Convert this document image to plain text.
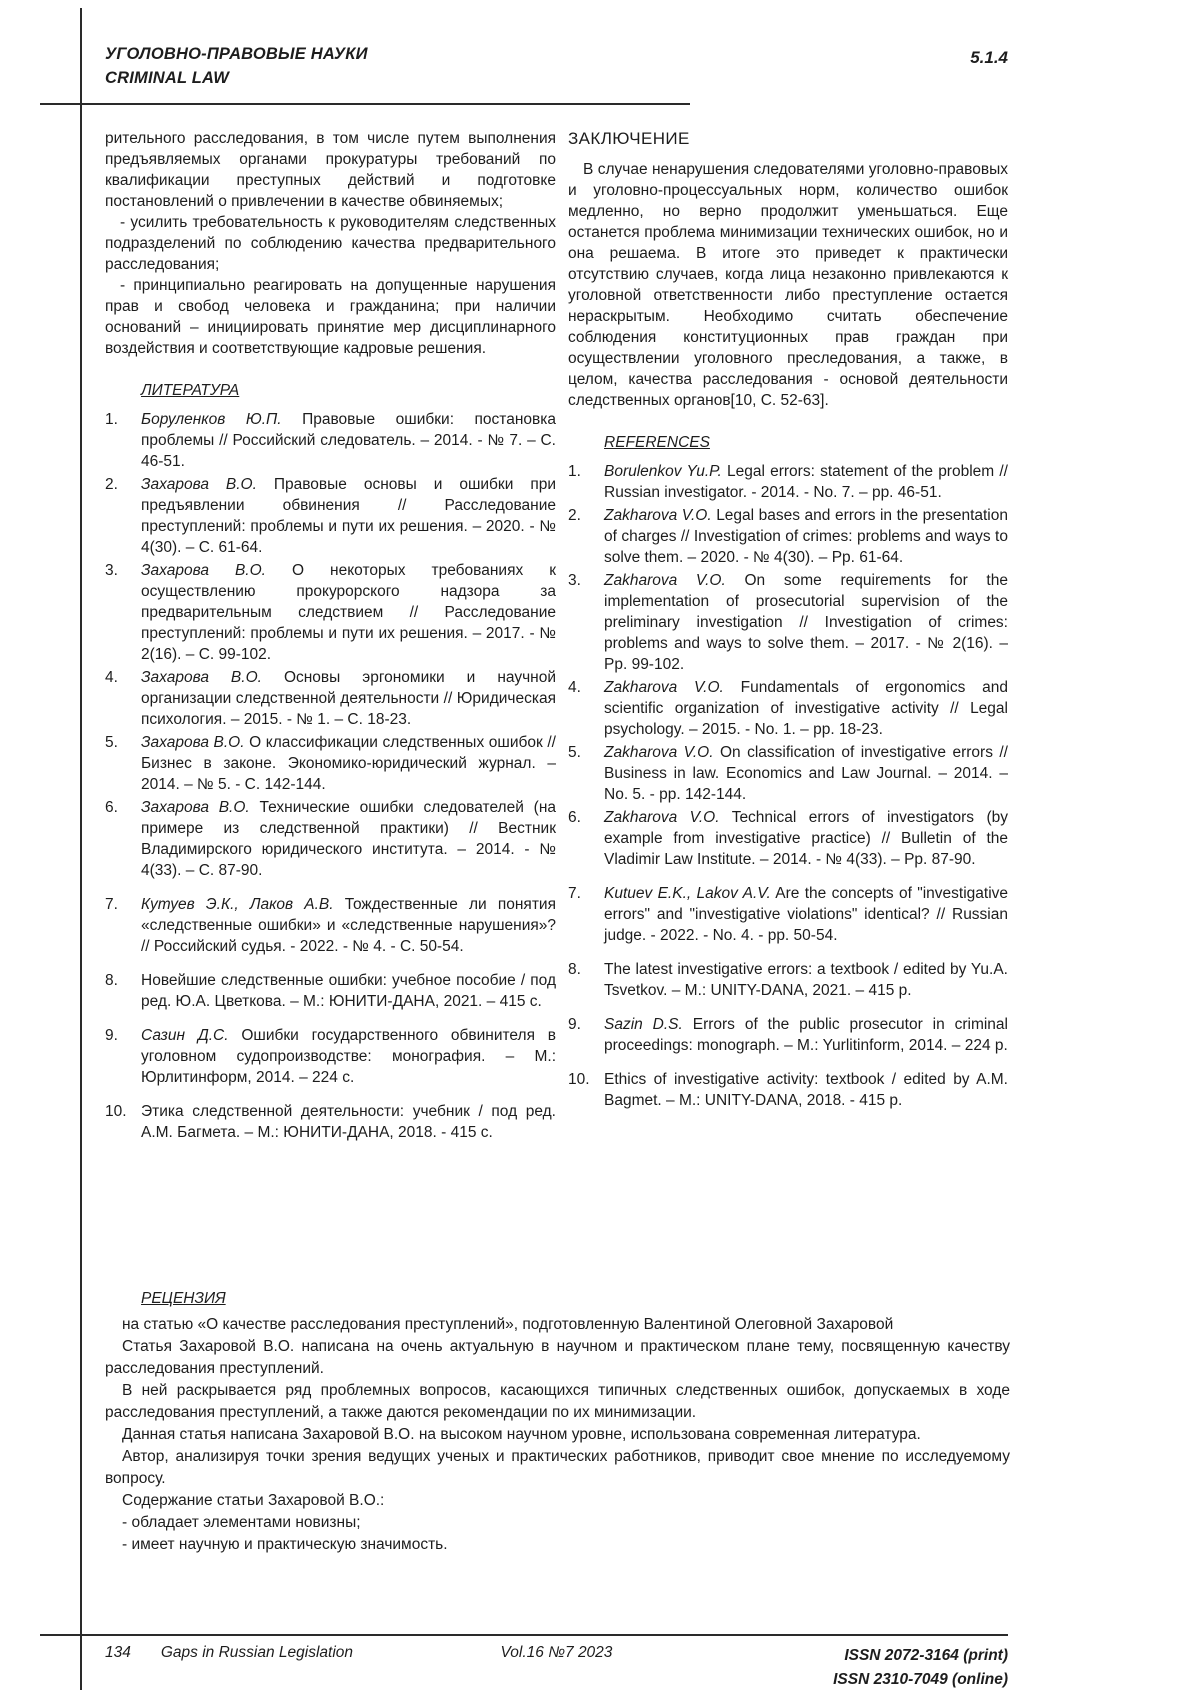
УГОЛОВНО-ПРАВОВЫЕ НАУКИ
CRIMINAL LAW
5.1.4

рительного расследования, в том числе путем выполнения предъявляемых органами прокуратуры требований по квалификации преступных действий и подготовке постановлений о привлечении в качестве обвиняемых;

- усилить требовательность к руководителям следственных подразделений по соблюдению качества предварительного расследования;

- принципиально реагировать на допущенные нарушения прав и свобод человека и гражданина; при наличии оснований – инициировать принятие мер дисциплинарного воздействия и соответствующие кадровые решения.

ЛИТЕРАТУРА
1. Боруленков Ю.П. Правовые ошибки: постановка проблемы // Российский следователь. – 2014. - № 7. – С. 46-51.
2. Захарова В.О. Правовые основы и ошибки при предъявлении обвинения // Расследование преступлений: проблемы и пути их решения. – 2020. - № 4(30). – С. 61-64.
3. Захарова В.О. О некоторых требованиях к осуществлению прокурорского надзора за предварительным следствием // Расследование преступлений: проблемы и пути их решения. – 2017. - № 2(16). – С. 99-102.
4. Захарова В.О. Основы эргономики и научной организации следственной деятельности // Юридическая психология. – 2015. - № 1. – С. 18-23.
5. Захарова В.О. О классификации следственных ошибок // Бизнес в законе. Экономико-юридический журнал. – 2014. – № 5. - С. 142-144.
6. Захарова В.О. Технические ошибки следователей (на примере из следственной практики) // Вестник Владимирского юридического института. – 2014. - № 4(33). – С. 87-90.
7. Кутуев Э.К., Лаков А.В. Тождественные ли понятия «следственные ошибки» и «следственные нарушения»? // Российский судья. - 2022. - № 4. - С. 50-54.
8. Новейшие следственные ошибки: учебное пособие / под ред. Ю.А. Цветкова. – М.: ЮНИТИ-ДАНА, 2021. – 415 с.
9. Сазин Д.С. Ошибки государственного обвинителя в уголовном судопроизводстве: монография. – М.: Юрлитинформ, 2014. – 224 с.
10. Этика следственной деятельности: учебник / под ред. А.М. Багмета. – М.: ЮНИТИ-ДАНА, 2018. - 415 с.
ЗАКЛЮЧЕНИЕ

В случае ненарушения следователями уголовно-правовых и уголовно-процессуальных норм, количество ошибок медленно, но верно продолжит уменьшаться. Еще останется проблема минимизации технических ошибок, но и она решаема. В итоге это приведет к практически отсутствию случаев, когда лица незаконно привлекаются к уголовной ответственности либо преступление остается нераскрытым. Необходимо считать обеспечение соблюдения конституционных прав граждан при осуществлении уголовного преследования, а также, в целом, качества расследования - основой деятельности следственных органов[10, С. 52-63].

REFERENCES
1. Borulenkov Yu.P. Legal errors: statement of the problem // Russian investigator. - 2014. - No. 7. – pp. 46-51.
2. Zakharova V.O. Legal bases and errors in the presentation of charges // Investigation of crimes: problems and ways to solve them. – 2020. - № 4(30). – Pp. 61-64.
3. Zakharova V.O. On some requirements for the implementation of prosecutorial supervision of the preliminary investigation // Investigation of crimes: problems and ways to solve them. – 2017. - № 2(16). – Pp. 99-102.
4. Zakharova V.O. Fundamentals of ergonomics and scientific organization of investigative activity // Legal psychology. – 2015. - No. 1. – pp. 18-23.
5. Zakharova V.O. On classification of investigative errors // Business in law. Economics and Law Journal. – 2014. – No. 5. - pp. 142-144.
6. Zakharova V.O. Technical errors of investigators (by example from investigative practice) // Bulletin of the Vladimir Law Institute. – 2014. - № 4(33). – Pp. 87-90.
7. Kutuev E.K., Lakov A.V. Are the concepts of "investigative errors" and "investigative violations" identical? // Russian judge. - 2022. - No. 4. - pp. 50-54.
8. The latest investigative errors: a textbook / edited by Yu.A. Tsvetkov. – M.: UNITY-DANA, 2021. – 415 p.
9. Sazin D.S. Errors of the public prosecutor in criminal proceedings: monograph. – M.: Yurlitinform, 2014. – 224 p.
10. Ethics of investigative activity: textbook / edited by A.M. Bagmet. – M.: UNITY-DANA, 2018. - 415 p.
РЕЦЕНЗИЯ

на статью «О качестве расследования преступлений», подготовленную Валентиной Олеговной Захаровой

Статья Захаровой В.О. написана на очень актуальную в научном и практическом плане тему, посвященную качеству расследования преступлений.

В ней раскрывается ряд проблемных вопросов, касающихся типичных следственных ошибок, допускаемых в ходе расследования преступлений, а также даются рекомендации по их минимизации.

Данная статья написана Захаровой В.О. на высоком научном уровне, использована современная литература.

Автор, анализируя точки зрения ведущих ученых и практических работников, приводит свое мнение по исследуемому вопросу.

Содержание статьи Захаровой В.О.:

- обладает элементами новизны;

- имеет научную и практическую значимость.

134 Gaps in Russian Legislation	Vol.16 №7 2023	ISSN 2072-3164 (print)
ISSN 2310-7049 (online)
